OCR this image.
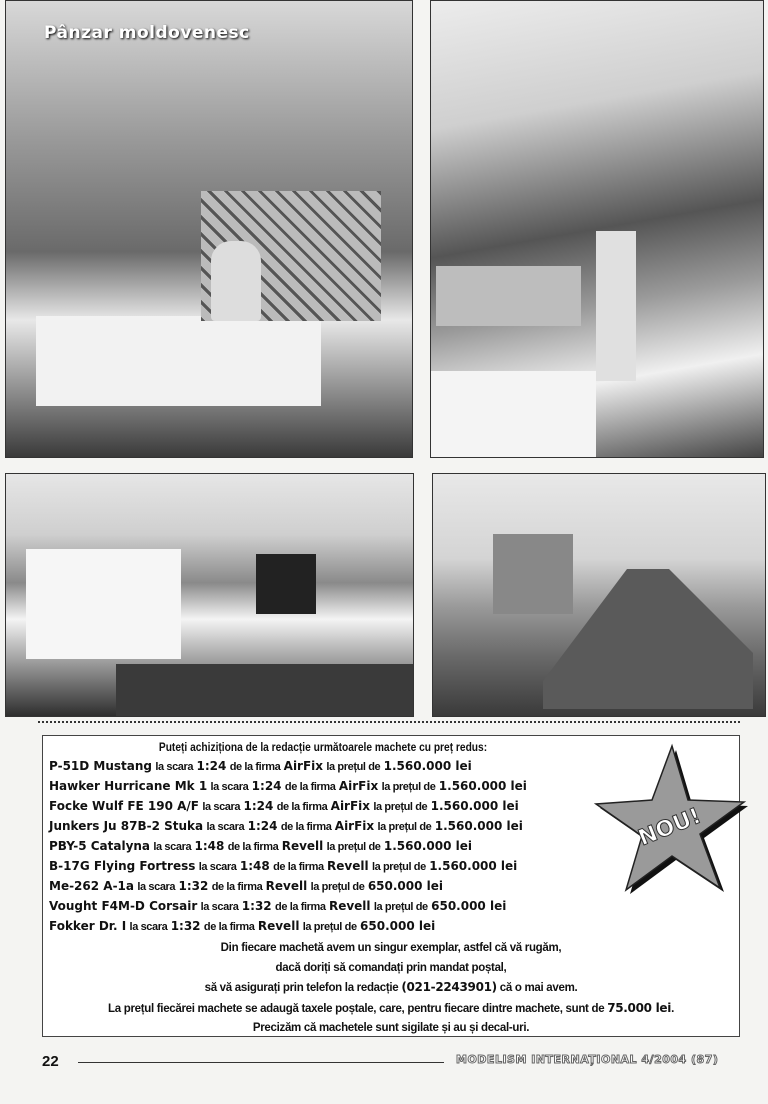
Pânzar moldovenesc
Puteți achiziționa de la redacție următoarele machete cu preț redus:
P-51D Mustang la scara 1:24 de la firma AirFix la prețul de 1.560.000 lei
Hawker Hurricane Mk 1 la scara 1:24 de la firma AirFix la prețul de 1.560.000 lei
Focke Wulf FE 190 A/F la scara 1:24 de la firma AirFix la prețul de 1.560.000 lei
Junkers Ju 87B-2 Stuka la scara 1:24 de la firma AirFix la prețul de 1.560.000 lei
PBY-5 Catalyna la scara 1:48 de la firma Revell la prețul de 1.560.000 lei
B-17G Flying Fortress la scara 1:48 de la firma Revell la prețul de 1.560.000 lei
Me-262 A-1a la scara 1:32 de la firma Revell la prețul de 650.000 lei
Vought F4M-D Corsair la scara 1:32 de la firma Revell la prețul de 650.000 lei
Fokker Dr. I la scara 1:32 de la firma Revell la prețul de 650.000 lei
Din fiecare machetă avem un singur exemplar, astfel că vă rugăm,
dacă doriți să comandați prin mandat poștal,
să vă asigurați prin telefon la redacție (021-2243901) că o mai avem.
La prețul fiecărei machete se adaugă taxele poștale, care, pentru fiecare dintre machete, sunt de 75.000 lei.
Precizăm că machetele sunt sigilate și au și decal-uri.
NOU!
22	MODELISM INTERNAȚIONAL 4/2004 (87)
